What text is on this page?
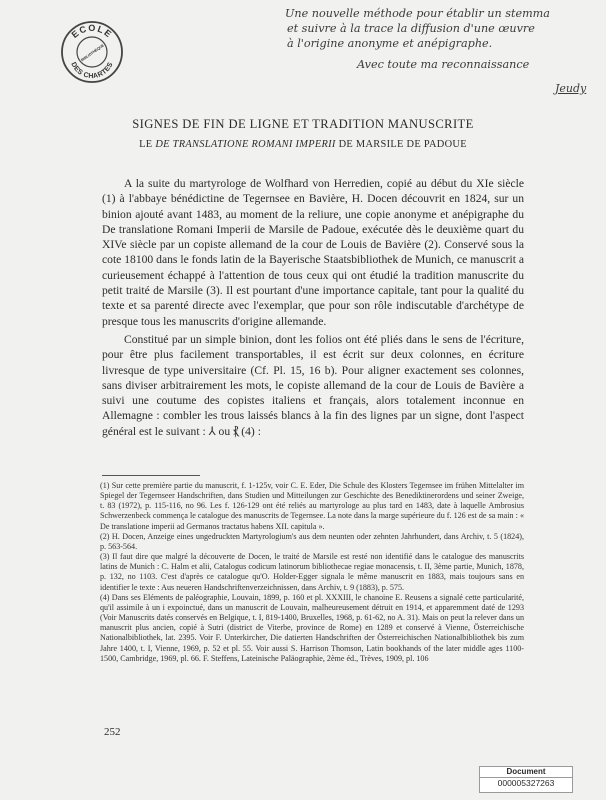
ECOLE
DES CHARTES
BIBLIOTHÈQUE
Une nouvelle méthode pour établir un stemma
et suivre à la trace la diffusion d'une œuvre
à l'origine anonyme et anépigraphe.
Avec toute ma reconnaissance
Jeudy
SIGNES DE FIN DE LIGNE ET TRADITION MANUSCRITE
LE DE TRANSLATIONE ROMANI IMPERII DE MARSILE DE PADOUE

A la suite du martyrologe de Wolfhard von Herredien, copié au début du XIe siècle (1) à l'abbaye bénédictine de Tegernsee en Bavière, H. Docen découvrit en 1824, sur un binion ajouté avant 1483, au moment de la reliure, une copie anonyme et anépigraphe du De translatione Romani Imperii de Marsile de Padoue, exécutée dès le deuxième quart du XIVe siècle par un copiste allemand de la cour de Louis de Bavière (2). Conservé sous la cote 18100 dans le fonds latin de la Bayerische Staatsbibliothek de Munich, ce manuscrit a curieusement échappé à l'attention de tous ceux qui ont étudié la tradition manuscrite du petit traité de Marsile (3). Il est pourtant d'une importance capitale, tant pour la qualité du texte et sa parenté directe avec l'exemplar, que pour son rôle indiscutable d'archétype de presque tous les manuscrits d'origine allemande.

Constitué par un simple binion, dont les folios ont été pliés dans le sens de l'écriture, pour être plus facilement transportables, il est écrit sur deux colonnes, en écriture livresque de type universitaire (Cf. Pl. 15, 16 b). Pour aligner exactement ses colonnes, sans diviser arbitrairement les mots, le copiste allemand de la cour de Louis de Bavière a suivi une coutume des copistes italiens et français, alors totalement inconnue en Allemagne : combler les trous laissés blancs à la fin des lignes par un signe, dont l'aspect général est le suivant : ⅄ ou ⳩ (4) :

(1) Sur cette première partie du manuscrit, f. 1-125v, voir C. E. Eder, Die Schule des Klosters Tegernsee im frühen Mittelalter im Spiegel der Tegernseer Handschriften, dans Studien und Mitteilungen zur Geschichte des Benediktinerordens und seiner Zweige, t. 83 (1972), p. 115-116, no 96. Les f. 126-129 ont été reliés au martyrologe au plus tard en 1483, date à laquelle Ambrosius Schwerzenbeck commença le catalogue des manuscrits de Tegernsee. La note dans la marge supérieure du f. 126 est de sa main : « De translatione imperii ad Germanos tractatus habens XII. capitula ».

(2) H. Docen, Anzeige eines ungedruckten Martyrologium's aus dem neunten oder zehnten Jahrhundert, dans Archiv, t. 5 (1824), p. 563-564.

(3) Il faut dire que malgré la découverte de Docen, le traité de Marsile est resté non identifié dans le catalogue des manuscrits latins de Munich : C. Halm et alii, Catalogus codicum latinorum bibliothecae regiae monacensis, t. II, 3ème partie, Munich, 1878, p. 132, no 1103. C'est d'après ce catalogue qu'O. Holder-Egger signala le même manuscrit en 1883, mais toujours sans en identifier le texte : Aus neueren Handschriftenverzeichnissen, dans Archiv, t. 9 (1883), p. 575.

(4) Dans ses Eléments de paléographie, Louvain, 1899, p. 160 et pl. XXXIII, le chanoine E. Reusens a signalé cette particularité, qu'il assimile à un i expoinctué, dans un manuscrit de Louvain, malheureusement détruit en 1914, et apparemment daté de 1293 (Voir Manuscrits datés conservés en Belgique, t. I, 819-1400, Bruxelles, 1968, p. 61-62, no A. 31). Mais on peut la relever dans un manuscrit plus ancien, copié à Sutri (district de Viterbe, province de Rome) en 1289 et conservé à Vienne, Österreichische Nationalbibliothek, lat. 2395. Voir F. Unterkircher, Die datierten Handschriften der Österreichischen Nationalbibliothek bis zum Jahre 1400, t. I, Vienne, 1969, p. 52 et pl. 55. Voir aussi S. Harrison Thomson, Latin bookhands of the later middle ages 1100-1500, Cambridge, 1969, pl. 66. F. Steffens, Lateinische Paläographie, 2ème éd., Trèves, 1909, pl. 106

252
Document
000005327263
